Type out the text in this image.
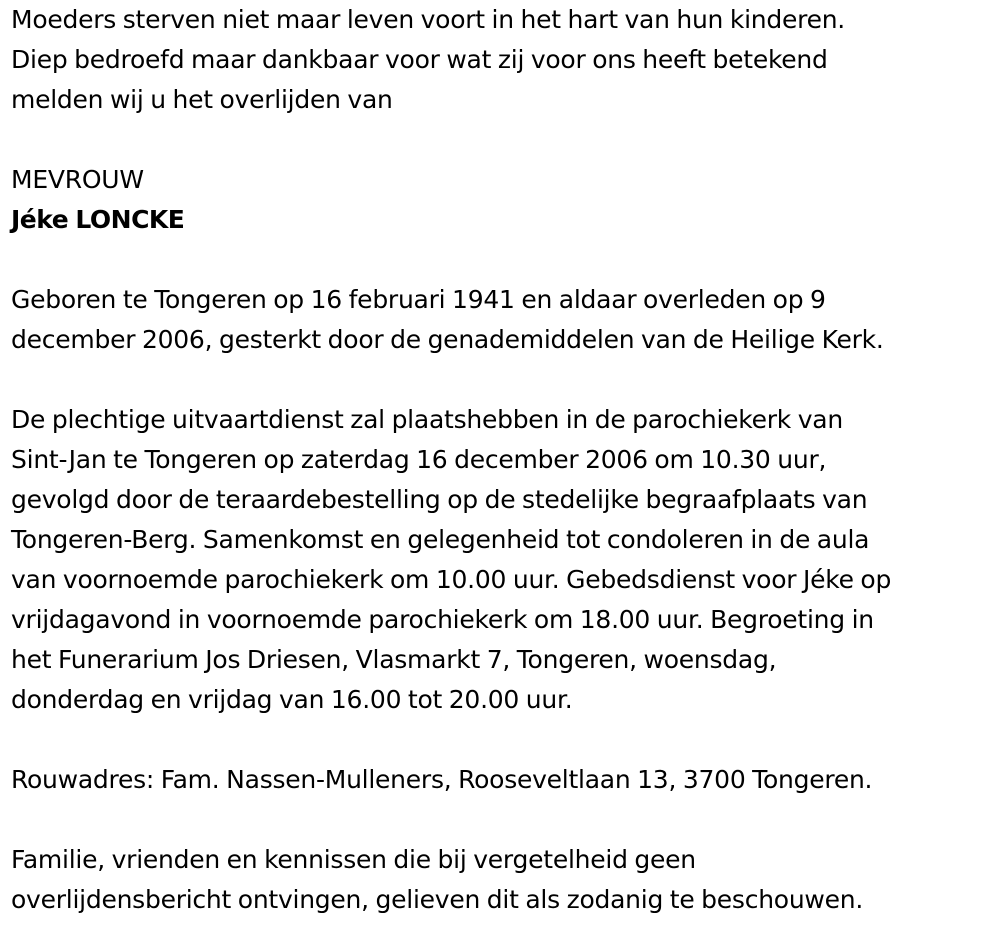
Moeders sterven niet maar leven voort in het hart van hun kinderen.
Diep bedroefd maar dankbaar voor wat zij voor ons heeft betekend
melden wij u het overlijden van
MEVROUW
Jéke LONCKE
Geboren te Tongeren op 16 februari 1941 en aldaar overleden op 9
december 2006, gesterkt door de genademiddelen van de Heilige Kerk.
De plechtige uitvaartdienst zal plaatshebben in de parochiekerk van
Sint-Jan te Tongeren op zaterdag 16 december 2006 om 10.30 uur,
gevolgd door de teraardebestelling op de stedelijke begraafplaats van
Tongeren-Berg. Samenkomst en gelegenheid tot condoleren in de aula
van voornoemde parochiekerk om 10.00 uur. Gebedsdienst voor Jéke op
vrijdagavond in voornoemde parochiekerk om 18.00 uur. Begroeting in
het Funerarium Jos Driesen, Vlasmarkt 7, Tongeren, woensdag,
donderdag en vrijdag van 16.00 tot 20.00 uur.
Rouwadres: Fam. Nassen-Mulleners, Rooseveltlaan 13, 3700 Tongeren.
Familie, vrienden en kennissen die bij vergetelheid geen
overlijdensbericht ontvingen, gelieven dit als zodanig te beschouwen.
